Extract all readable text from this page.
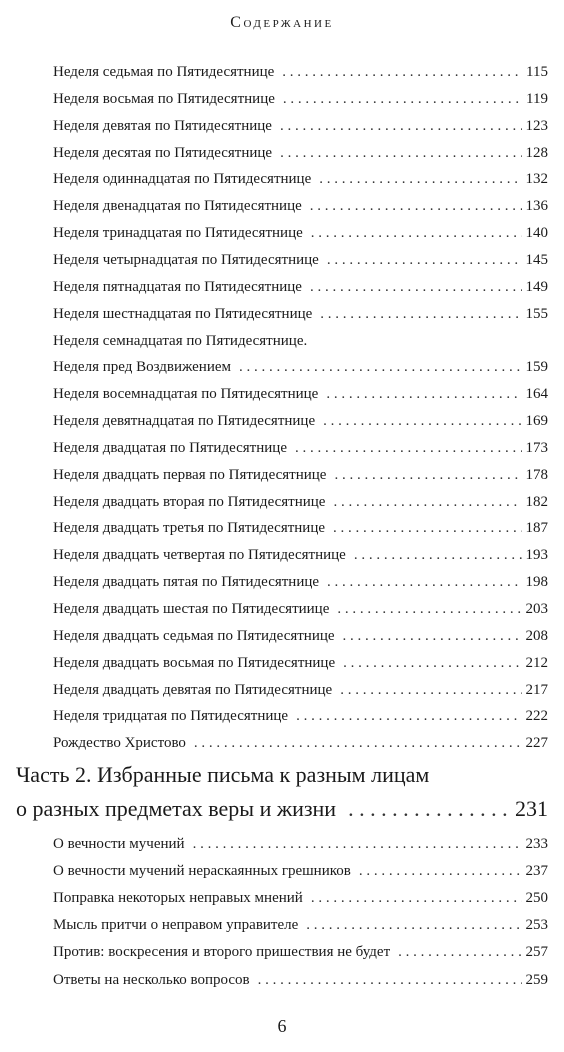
Содержание
Неделя седьмая по Пятидесятнице . . .	115
Неделя восьмая по Пятидесятнице . . .	119
Неделя девятая по Пятидесятнице . . .	123
Неделя десятая по Пятидесятнице . . .	128
Неделя одиннадцатая по Пятидесятнице . . .	132
Неделя двенадцатая по Пятидесятнице . . .	136
Неделя тринадцатая по Пятидесятнице . . .	140
Неделя четырнадцатая по Пятидесятнице . . .	145
Неделя пятнадцатая по Пятидесятнице . . .	149
Неделя шестнадцатая по Пятидесятнице . . .	155
Неделя семнадцатая по Пятидесятнице.
Неделя пред Воздвижением . . .	159
Неделя восемнадцатая по Пятидесятнице . . .	164
Неделя девятнадцатая по Пятидесятнице . . .	169
Неделя двадцатая по Пятидесятнице . . .	173
Неделя двадцать первая по Пятидесятнице . . .	178
Неделя двадцать вторая по Пятидесятнице . . .	182
Неделя двадцать третья по Пятидесятнице . . .	187
Неделя двадцать четвертая по Пятидесятнице . . .	193
Неделя двадцать пятая по Пятидесятнице . . .	198
Неделя двадцать шестая по Пятидесятиице . . .	203
Неделя двадцать седьмая по Пятидесятнице . . .	208
Неделя двадцать восьмая по Пятидесятнице . . .	212
Неделя двадцать девятая по Пятидесятнице . . .	217
Неделя тридцатая по Пятидесятнице . . .	222
Рождество Христово . . .	227
Часть 2. Избранные письма к разным лицам
о разных предметах веры и жизни . . .	231
О вечности мучений . . .	233
О вечности мучений нераскаянных грешников . . .	237
Поправка некоторых неправых мнений . . .	250
Мысль притчи о неправом управителе . . .	253
Против: воскресения и второго пришествия не будет . . .	257
Ответы на несколько вопросов . . .	259
6
